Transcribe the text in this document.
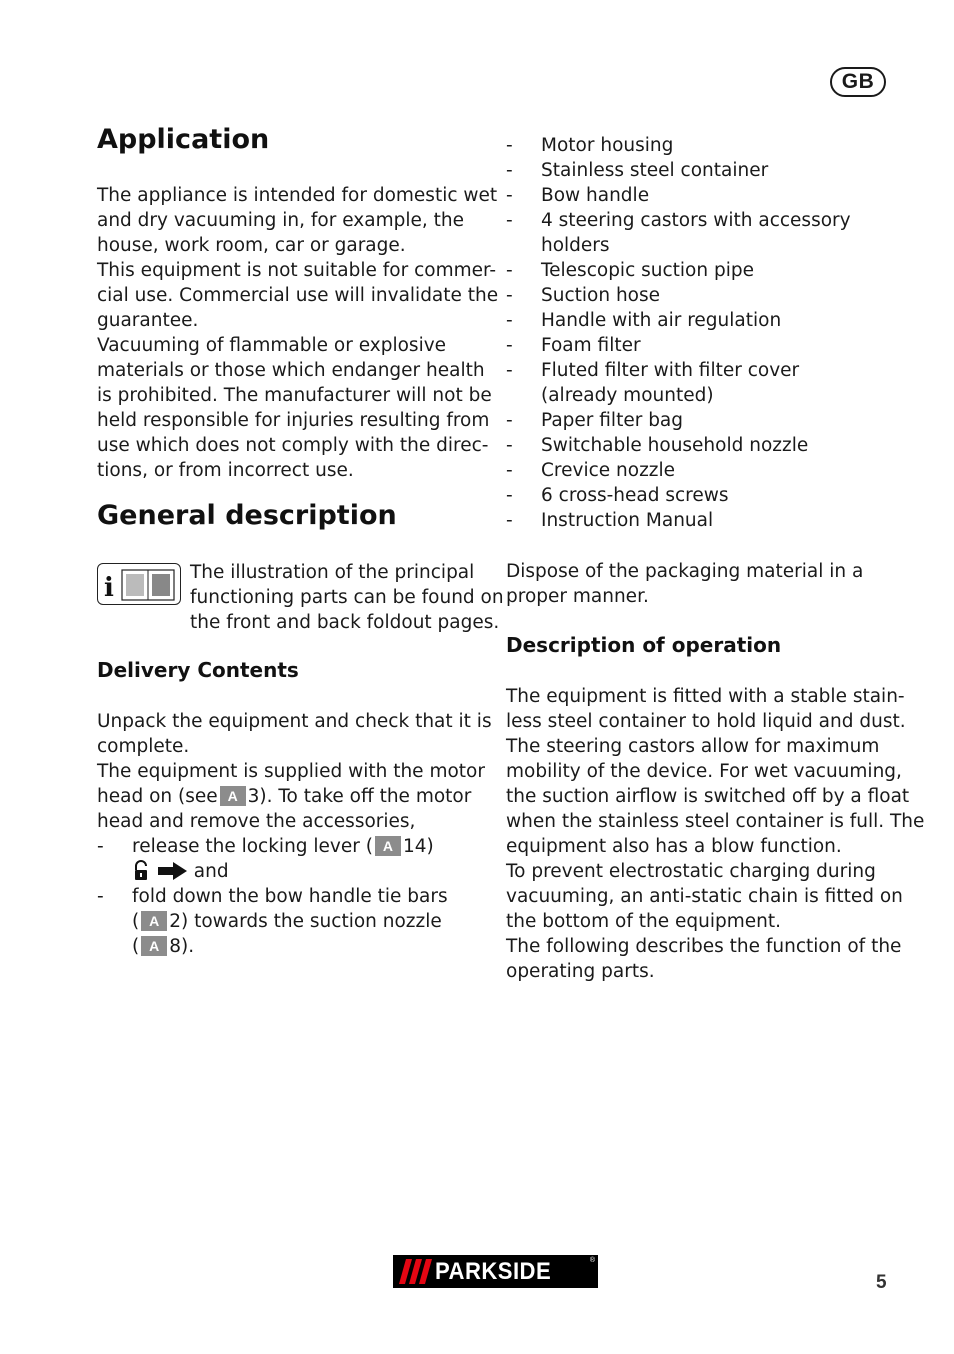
GB
Application
The appliance is intended for domestic wet
and dry vacuuming in, for example, the
house, work room, car or garage.
This equipment is not suitable for commer-
cial use. Commercial use will invalidate the
guarantee.
Vacuuming of flammable or explosive
materials or those which endanger health
is prohibited. The manufacturer will not be
held responsible for injuries resulting from
use which does not comply with the direc-
tions, or from incorrect use.
General description
i
The illustration of the principal
functioning parts can be found on
the front and back foldout pages.
Delivery Contents
Unpack the equipment and check that it is
complete.
The equipment is supplied with the motor
head on (see A 3). To take off the motor
head and remove the accessories,
- release the locking lever ( A 14)
and
- fold down the bow handle tie bars
( A 2) towards the suction nozzle
( A 8).
- Motor housing
- Stainless steel container
- Bow handle
- 4 steering castors with accessory
holders
- Telescopic suction pipe
- Suction hose
- Handle with air regulation
- Foam filter
- Fluted filter with filter cover
(already mounted)
- Paper filter bag
- Switchable household nozzle
- Crevice nozzle
- 6 cross-head screws
- Instruction Manual
Dispose of the packaging material in a
proper manner.
Description of operation
The equipment is fitted with a stable stain-
less steel container to hold liquid and dust.
The steering castors allow for maximum
mobility of the device. For wet vacuuming,
the suction airflow is switched off by a float
when the stainless steel container is full. The
equipment also has a blow function.
To prevent electrostatic charging during
vacuuming, an anti-static chain is fitted on
the bottom of the equipment.
The following describes the function of the
operating parts.
PARKSIDE	®
5
